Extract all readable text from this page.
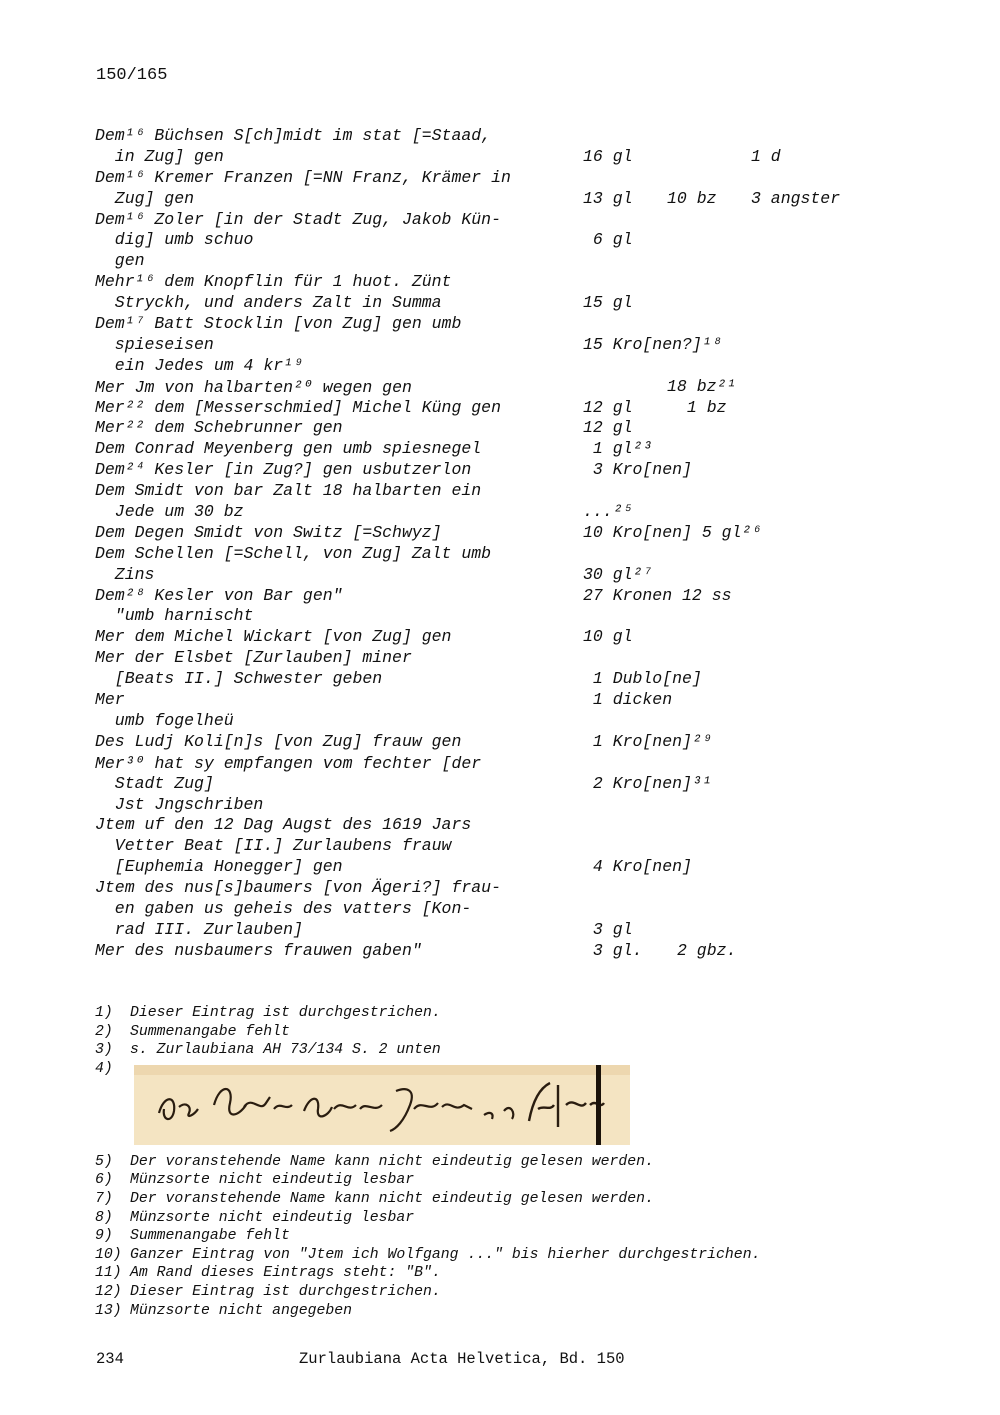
150/165
Dem¹⁶ Büchsen S[ch]midt im stat [=Staad,
in Zug] gen	16 gl	1 d
Dem¹⁶ Kremer Franzen [=NN Franz, Krämer in
Zug] gen	13 gl 10 bz 3 angster
Dem¹⁶ Zoler [in der Stadt Zug, Jakob Kün-
dig] umb schuo	6 gl
gen
Mehr¹⁶ dem Knopflin für 1 huot. Zünt
Stryckh, und anders Zalt in Summa	15 gl
Dem¹⁷ Batt Stocklin [von Zug] gen umb
spieseisen	15 Kro[nen?]¹⁸
ein Jedes um 4 kr¹⁹
Mer Jm von halbarten²⁰ wegen gen	18 bz²¹
Mer²² dem [Messerschmied] Michel Küng gen	12 gl	1 bz
Mer²² dem Schebrunner gen	12 gl
Dem Conrad Meyenberg gen umb spiesnegel	1 gl²³
Dem²⁴ Kesler [in Zug?] gen usbutzerlon	3 Kro[nen]
Dem Smidt von bar Zalt 18 halbarten ein
Jede um 30 bz	...²⁵
Dem Degen Smidt von Switz [=Schwyz]	10 Kro[nen] 5 gl²⁶
Dem Schellen [=Schell, von Zug] Zalt umb
Zins	30 gl²⁷
Dem²⁸ Kesler von Bar gen"	27 Kronen 12 ss
"umb harnischt
Mer dem Michel Wickart [von Zug] gen	10 gl
Mer der Elsbet [Zurlauben] miner
[Beats II.] Schwester geben	1 Dublo[ne]
Mer	1 dicken
umb fogelheü
Des Ludj Koli[n]s [von Zug] frauw gen	1 Kro[nen]²⁹
Mer³⁰ hat sy empfangen vom fechter [der
Stadt Zug]	2 Kro[nen]³¹
Jst Jngschriben
Jtem uf den 12 Dag Augst des 1619 Jars
Vetter Beat [II.] Zurlaubens frauw
[Euphemia Honegger] gen	4 Kro[nen]
Jtem des nus[s]baumers [von Ägeri?] frau-
en gaben us geheis des vatters [Kon-
rad III. Zurlauben]	3 gl
Mer des nusbaumers frauwen gaben"	3 gl. 2 gbz.
1) Dieser Eintrag ist durchgestrichen.
2) Summenangabe fehlt
3) s. Zurlaubiana AH 73/134 S. 2 unten
4)
5) Der voranstehende Name kann nicht eindeutig gelesen werden.
6) Münzsorte nicht eindeutig lesbar
7) Der voranstehende Name kann nicht eindeutig gelesen werden.
8) Münzsorte nicht eindeutig lesbar
9) Summenangabe fehlt
10) Ganzer Eintrag von "Jtem ich Wolfgang ..." bis hierher durchgestrichen.
11) Am Rand dieses Eintrags steht: "B".
12) Dieser Eintrag ist durchgestrichen.
13) Münzsorte nicht angegeben
234	Zurlaubiana Acta Helvetica, Bd. 150
